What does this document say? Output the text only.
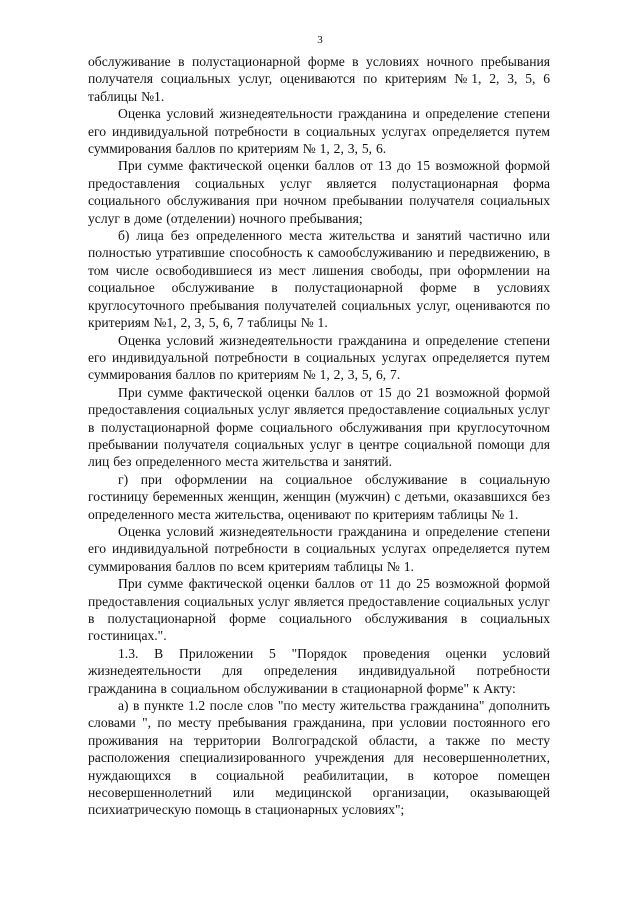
3

обслуживание в полустационарной форме в условиях ночного пребывания получателя социальных услуг, оцениваются по критериям №1, 2, 3, 5, 6 таблицы №1.

Оценка условий жизнедеятельности гражданина и определение степени его индивидуальной потребности в социальных услугах определяется путем суммирования баллов по критериям № 1, 2, 3, 5, 6.

При сумме фактической оценки баллов от 13 до 15 возможной формой предоставления социальных услуг является полустационарная форма социального обслуживания при ночном пребывании получателя социальных услуг в доме (отделении) ночного пребывания;

б) лица без определенного места жительства и занятий частично или полностью утратившие способность к самообслуживанию и передвижению, в том числе освободившиеся из мест лишения свободы, при оформлении на социальное обслуживание в полустационарной форме в условиях круглосуточного пребывания получателей социальных услуг, оцениваются по критериям №1, 2, 3, 5, 6, 7 таблицы № 1.

Оценка условий жизнедеятельности гражданина и определение степени его индивидуальной потребности в социальных услугах определяется путем суммирования баллов по критериям № 1, 2, 3, 5, 6, 7.

При сумме фактической оценки баллов от 15 до 21 возможной формой предоставления социальных услуг является предоставление социальных услуг в полустационарной форме социального обслуживания при круглосуточном пребывании получателя социальных услуг в центре социальной помощи для лиц без определенного места жительства и занятий.

г) при оформлении на социальное обслуживание в социальную гостиницу беременных женщин, женщин (мужчин) с детьми, оказавшихся без определенного места жительства, оценивают по критериям таблицы № 1.

Оценка условий жизнедеятельности гражданина и определение степени его индивидуальной потребности в социальных услугах определяется путем суммирования баллов по всем критериям таблицы № 1.

При сумме фактической оценки баллов от 11 до 25 возможной формой предоставления социальных услуг является предоставление социальных услуг в полустационарной форме социального обслуживания в социальных гостиницах.".

1.3. В Приложении 5 "Порядок проведения оценки условий жизнедеятельности для определения индивидуальной потребности гражданина в социальном обслуживании в стационарной форме" к Акту:

а) в пункте 1.2 после слов "по месту жительства гражданина" дополнить словами ", по месту пребывания гражданина, при условии постоянного его проживания на территории Волгоградской области, а также по месту расположения специализированного учреждения для несовершеннолетних, нуждающихся в социальной реабилитации, в которое помещен несовершеннолетний или медицинской организации, оказывающей психиатрическую помощь в стационарных условиях";
